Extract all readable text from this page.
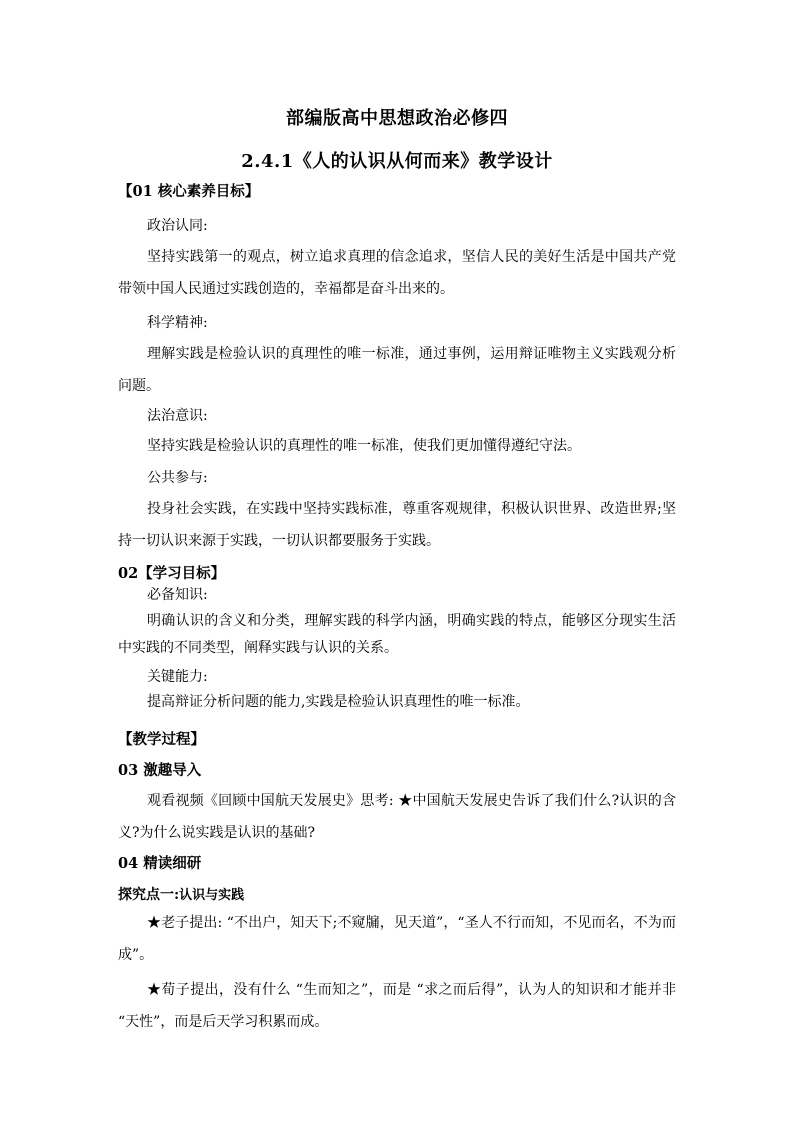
部编版高中思想政治必修四
2.4.1《人的认识从何而来》教学设计
【01 核心素养目标】
政治认同:
坚持实践第一的观点，树立追求真理的信念追求，坚信人民的美好生活是中国共产党带领中国人民通过实践创造的，幸福都是奋斗出来的。
科学精神:
理解实践是检验认识的真理性的唯一标准，通过事例，运用辩证唯物主义实践观分析问题。
法治意识:
坚持实践是检验认识的真理性的唯一标准，使我们更加懂得遵纪守法。
公共参与:
投身社会实践，在实践中坚持实践标准，尊重客观规律，积极认识世界、改造世界;坚持一切认识来源于实践，一切认识都要服务于实践。
02【学习目标】
必备知识:
明确认识的含义和分类，理解实践的科学内涵，明确实践的特点，能够区分现实生活中实践的不同类型，阐释实践与认识的关系。
关键能力:
提高辩证分析问题的能力,实践是检验认识真理性的唯一标准。
【教学过程】
03 激趣导入
观看视频《回顾中国航天发展史》思考: ★中国航天发展史告诉了我们什么?认识的含义?为什么说实践是认识的基础?
04 精读细研
探究点一:认识与实践
★老子提出: “不出户，知天下;不窥牖，见天道”，“圣人不行而知，不见而名，不为而成”。
★荀子提出，没有什么 “生而知之”，而是 “求之而后得”，认为人的知识和才能并非 “天性”，而是后天学习积累而成。
